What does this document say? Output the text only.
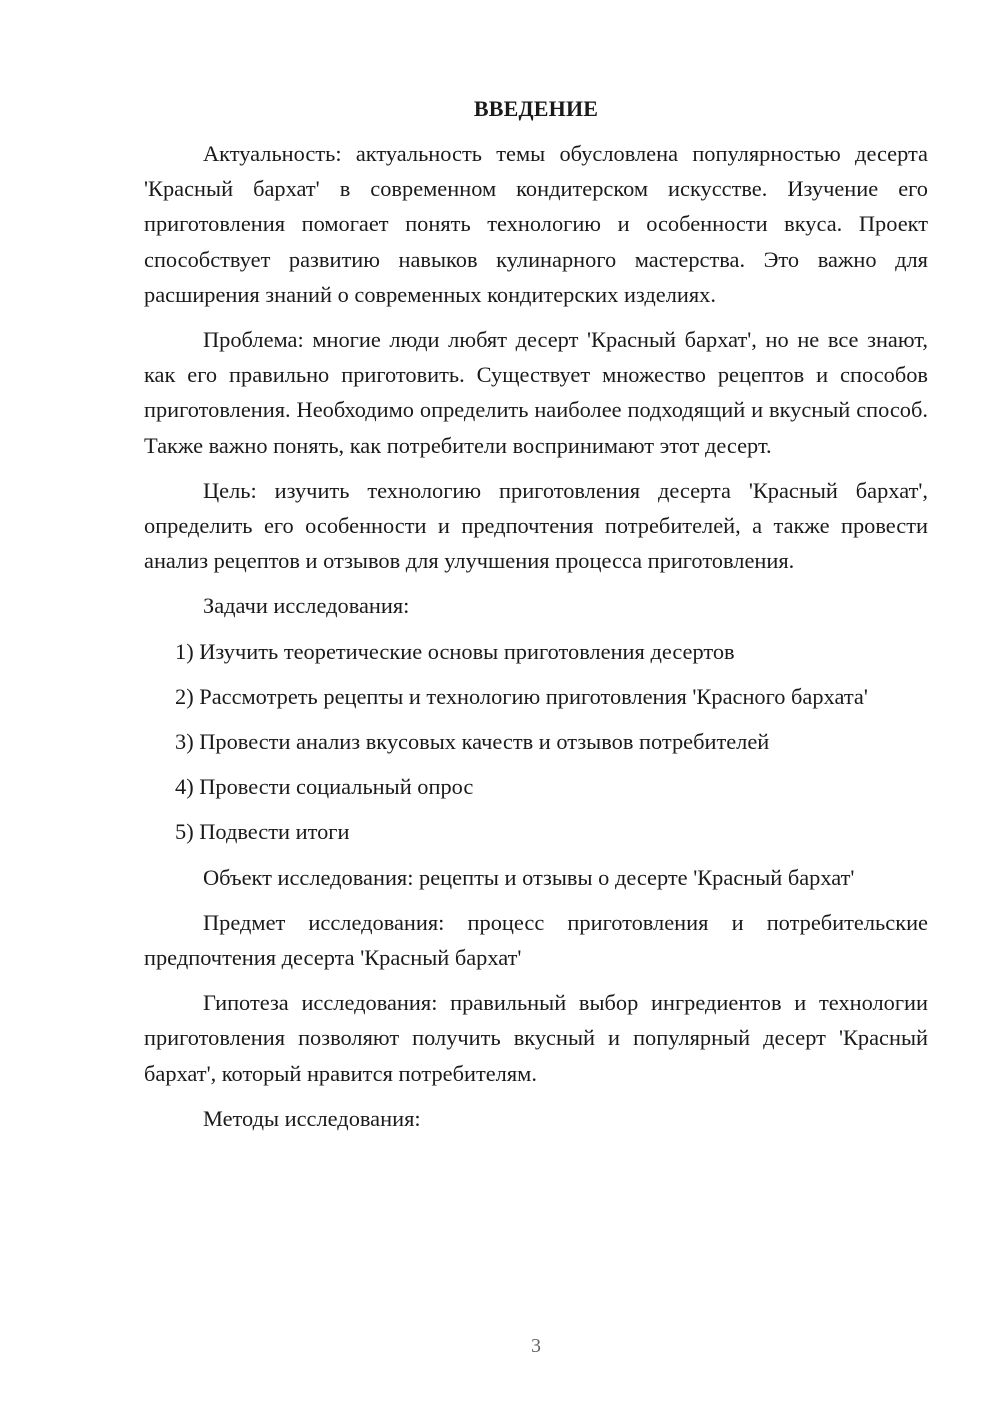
ВВЕДЕНИЕ

Актуальность: актуальность темы обусловлена популярностью десерта 'Красный бархат' в современном кондитерском искусстве. Изучение его приготовления помогает понять технологию и особенности вкуса. Проект способствует развитию навыков кулинарного мастерства. Это важно для расширения знаний о современных кондитерских изделиях.

Проблема: многие люди любят десерт 'Красный бархат', но не все знают, как его правильно приготовить. Существует множество рецептов и способов приготовления. Необходимо определить наиболее подходящий и вкусный способ. Также важно понять, как потребители воспринимают этот десерт.

Цель: изучить технологию приготовления десерта 'Красный бархат', определить его особенности и предпочтения потребителей, а также провести анализ рецептов и отзывов для улучшения процесса приготовления.

Задачи исследования:

1) Изучить теоретические основы приготовления десертов

2) Рассмотреть рецепты и технологию приготовления 'Красного бархата'

3) Провести анализ вкусовых качеств и отзывов потребителей

4) Провести социальный опрос

5) Подвести итоги

Объект исследования: рецепты и отзывы о десерте 'Красный бархат'

Предмет исследования: процесс приготовления и потребительские предпочтения десерта 'Красный бархат'

Гипотеза исследования: правильный выбор ингредиентов и технологии приготовления позволяют получить вкусный и популярный десерт 'Красный бархат', который нравится потребителям.

Методы исследования:

3
